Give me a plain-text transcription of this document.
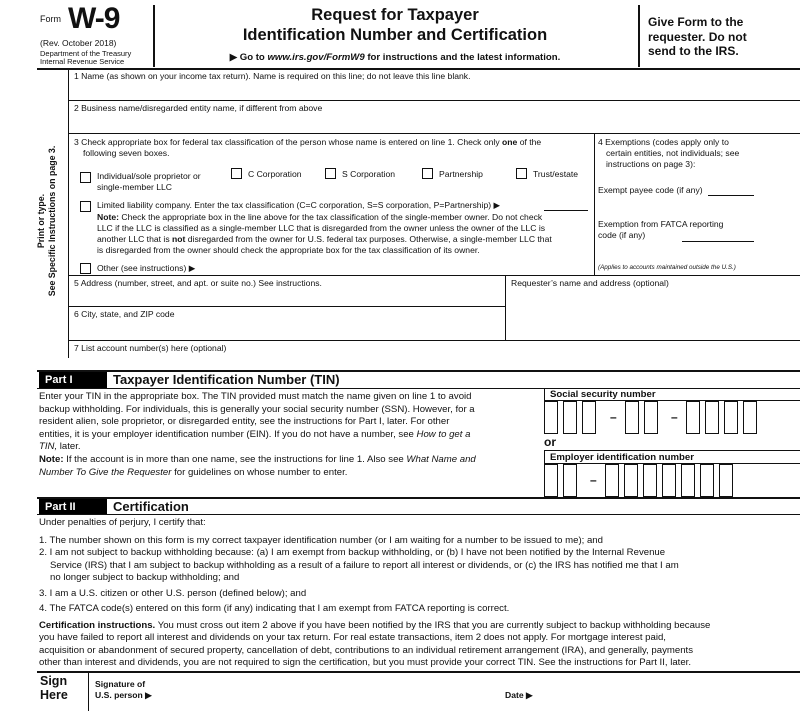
Form W-9
(Rev. October 2018)
Department of the Treasury
Internal Revenue Service
Request for Taxpayer
Identification Number and Certification
▶ Go to www.irs.gov/FormW9 for instructions and the latest information.
Give Form to the
requester. Do not
send to the IRS.
Print or type. See Specific Instructions on page 3.
1 Name (as shown on your income tax return). Name is required on this line; do not leave this line blank.
2 Business name/disregarded entity name, if different from above
3 Check appropriate box for federal tax classification of the person whose name is entered on line 1. Check only one of the
following seven boxes.
Individual/sole proprietor or
single-member LLC
C Corporation	S Corporation	Partnership	Trust/estate
Limited liability company. Enter the tax classification (C=C corporation, S=S corporation, P=Partnership) ▶
Note: Check the appropriate box in the line above for the tax classification of the single-member owner. Do not check
LLC if the LLC is classified as a single-member LLC that is disregarded from the owner unless the owner of the LLC is
another LLC that is not disregarded from the owner for U.S. federal tax purposes. Otherwise, a single-member LLC that
is disregarded from the owner should check the appropriate box for the tax classification of its owner.
Other (see instructions) ▶
4 Exemptions (codes apply only to
certain entities, not individuals; see
instructions on page 3):
Exempt payee code (if any)
Exemption from FATCA reporting
code (if any)
(Applies to accounts maintained outside the U.S.)
5 Address (number, street, and apt. or suite no.) See instructions.	Requester’s name and address (optional)
6 City, state, and ZIP code
7 List account number(s) here (optional)
Part I	Taxpayer Identification Number (TIN)
Enter your TIN in the appropriate box. The TIN provided must match the name given on line 1 to avoid
backup withholding. For individuals, this is generally your social security number (SSN). However, for a
resident alien, sole proprietor, or disregarded entity, see the instructions for Part I, later. For other
entities, it is your employer identification number (EIN). If you do not have a number, see How to get a
TIN, later.
Note: If the account is in more than one name, see the instructions for line 1. Also see What Name and
Number To Give the Requester for guidelines on whose number to enter.
Social security number
–	–
or
Employer identification number
–
Part II	Certification
Under penalties of perjury, I certify that:
1. The number shown on this form is my correct taxpayer identification number (or I am waiting for a number to be issued to me); and
2. I am not subject to backup withholding because: (a) I am exempt from backup withholding, or (b) I have not been notified by the Internal Revenue
Service (IRS) that I am subject to backup withholding as a result of a failure to report all interest or dividends, or (c) the IRS has notified me that I am
no longer subject to backup withholding; and
3. I am a U.S. citizen or other U.S. person (defined below); and
4. The FATCA code(s) entered on this form (if any) indicating that I am exempt from FATCA reporting is correct.
Certification instructions. You must cross out item 2 above if you have been notified by the IRS that you are currently subject to backup withholding because
you have failed to report all interest and dividends on your tax return. For real estate transactions, item 2 does not apply. For mortgage interest paid,
acquisition or abandonment of secured property, cancellation of debt, contributions to an individual retirement arrangement (IRA), and generally, payments
other than interest and dividends, you are not required to sign the certification, but you must provide your correct TIN. See the instructions for Part II, later.
Sign
Here
Signature of
U.S. person ▶	Date ▶
